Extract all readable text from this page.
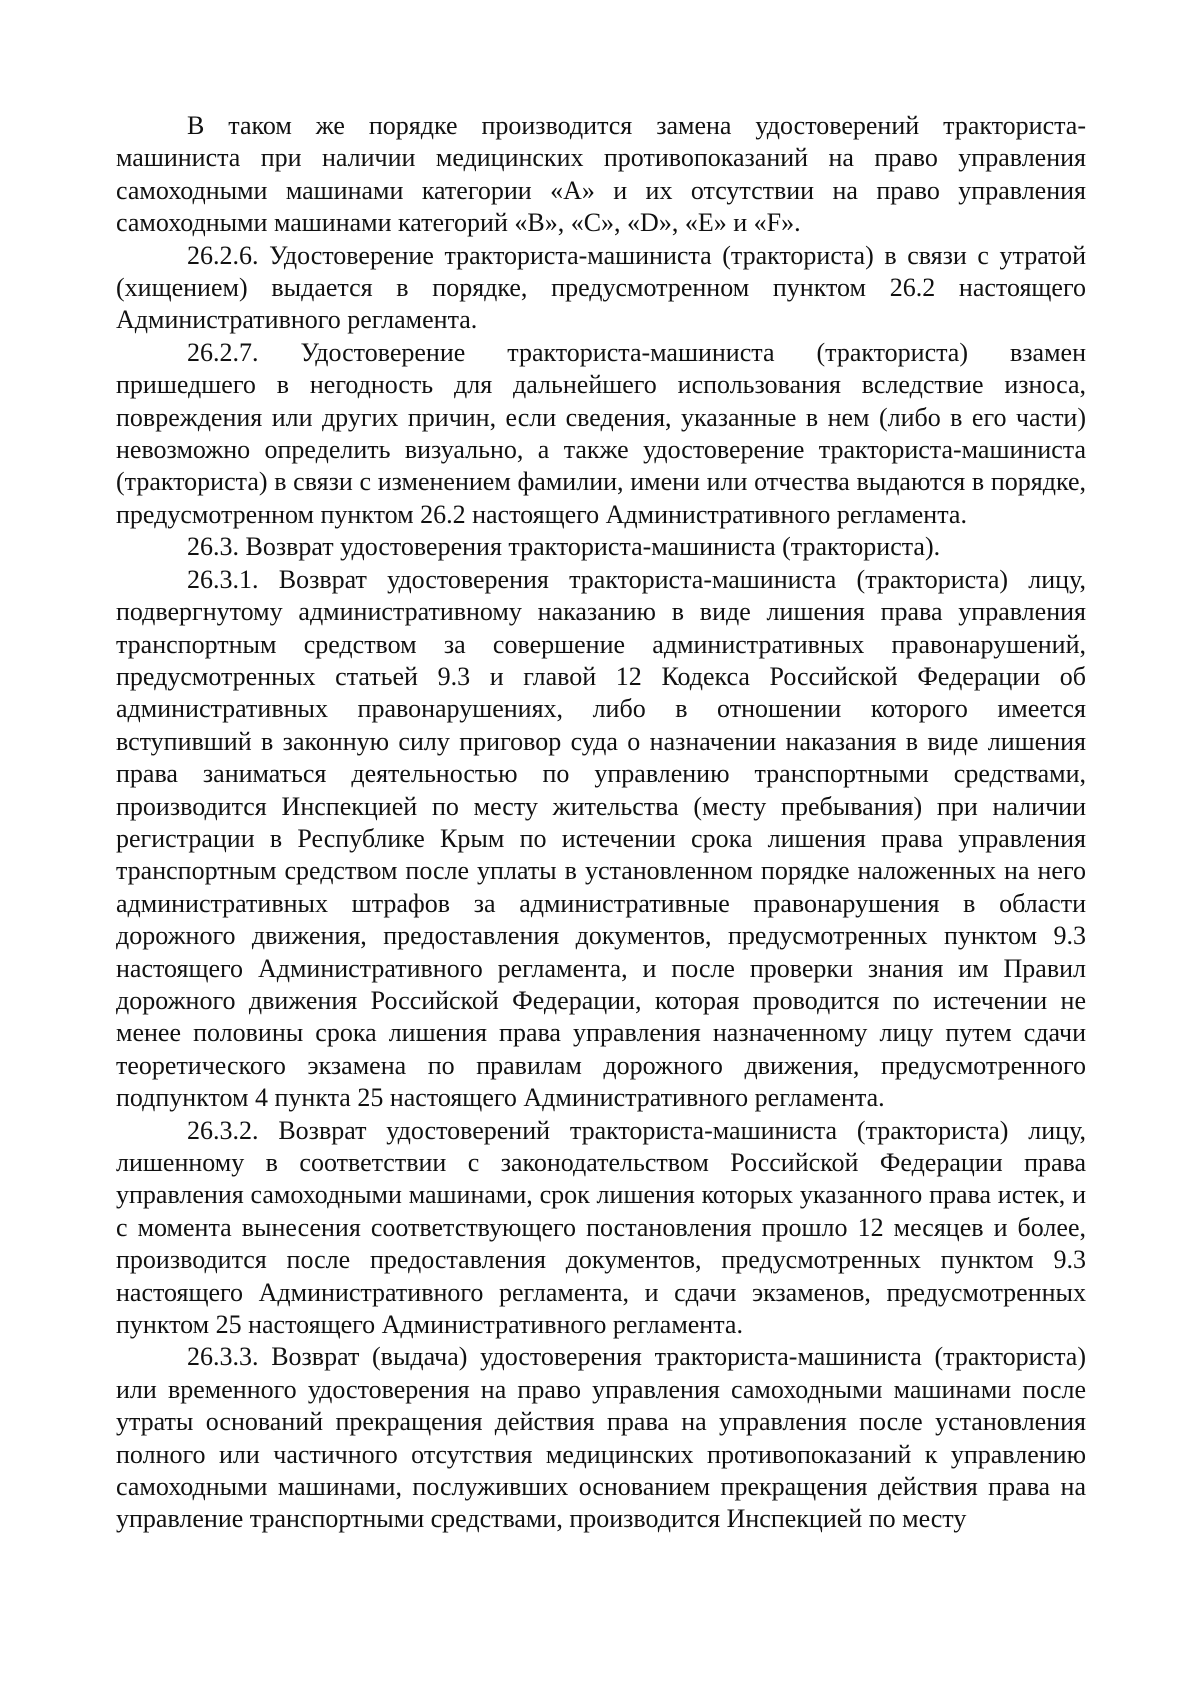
В таком же порядке производится замена удостоверений тракториста-машиниста при наличии медицинских противопоказаний на право управления самоходными машинами категории «А» и их отсутствии на право управления самоходными машинами категорий «B», «C», «D», «E» и «F».

26.2.6. Удостоверение тракториста-машиниста (тракториста) в связи с утратой (хищением) выдается в порядке, предусмотренном пунктом 26.2 настоящего Административного регламента.

26.2.7. Удостоверение тракториста-машиниста (тракториста) взамен пришедшего в негодность для дальнейшего использования вследствие износа, повреждения или других причин, если сведения, указанные в нем (либо в его части) невозможно определить визуально, а также удостоверение тракториста-машиниста (тракториста) в связи с изменением фамилии, имени или отчества выдаются в порядке, предусмотренном пунктом 26.2 настоящего Административного регламента.

26.3. Возврат удостоверения тракториста-машиниста (тракториста).

26.3.1. Возврат удостоверения тракториста-машиниста (тракториста) лицу, подвергнутому административному наказанию в виде лишения права управления транспортным средством за совершение административных правонарушений, предусмотренных статьей 9.3 и главой 12 Кодекса Российской Федерации об административных правонарушениях, либо в отношении которого имеется вступивший в законную силу приговор суда о назначении наказания в виде лишения права заниматься деятельностью по управлению транспортными средствами, производится Инспекцией по месту жительства (месту пребывания) при наличии регистрации в Республике Крым по истечении срока лишения права управления транспортным средством после уплаты в установленном порядке наложенных на него административных штрафов за административные правонарушения в области дорожного движения, предоставления документов, предусмотренных пунктом 9.3 настоящего Административного регламента, и после проверки знания им Правил дорожного движения Российской Федерации, которая проводится по истечении не менее половины срока лишения права управления назначенному лицу путем сдачи теоретического экзамена по правилам дорожного движения, предусмотренного подпунктом 4 пункта 25 настоящего Административного регламента.

26.3.2. Возврат удостоверений тракториста-машиниста (тракториста) лицу, лишенному в соответствии с законодательством Российской Федерации права управления самоходными машинами, срок лишения которых указанного права истек, и с момента вынесения соответствующего постановления прошло 12 месяцев и более, производится после предоставления документов, предусмотренных пунктом 9.3 настоящего Административного регламента, и сдачи экзаменов, предусмотренных пунктом 25 настоящего Административного регламента.

26.3.3. Возврат (выдача) удостоверения тракториста-машиниста (тракториста) или временного удостоверения на право управления самоходными машинами после утраты оснований прекращения действия права на управления после установления полного или частичного отсутствия медицинских противопоказаний к управлению самоходными машинами, послуживших основанием прекращения действия права на управление транспортными средствами, производится Инспекцией по месту
